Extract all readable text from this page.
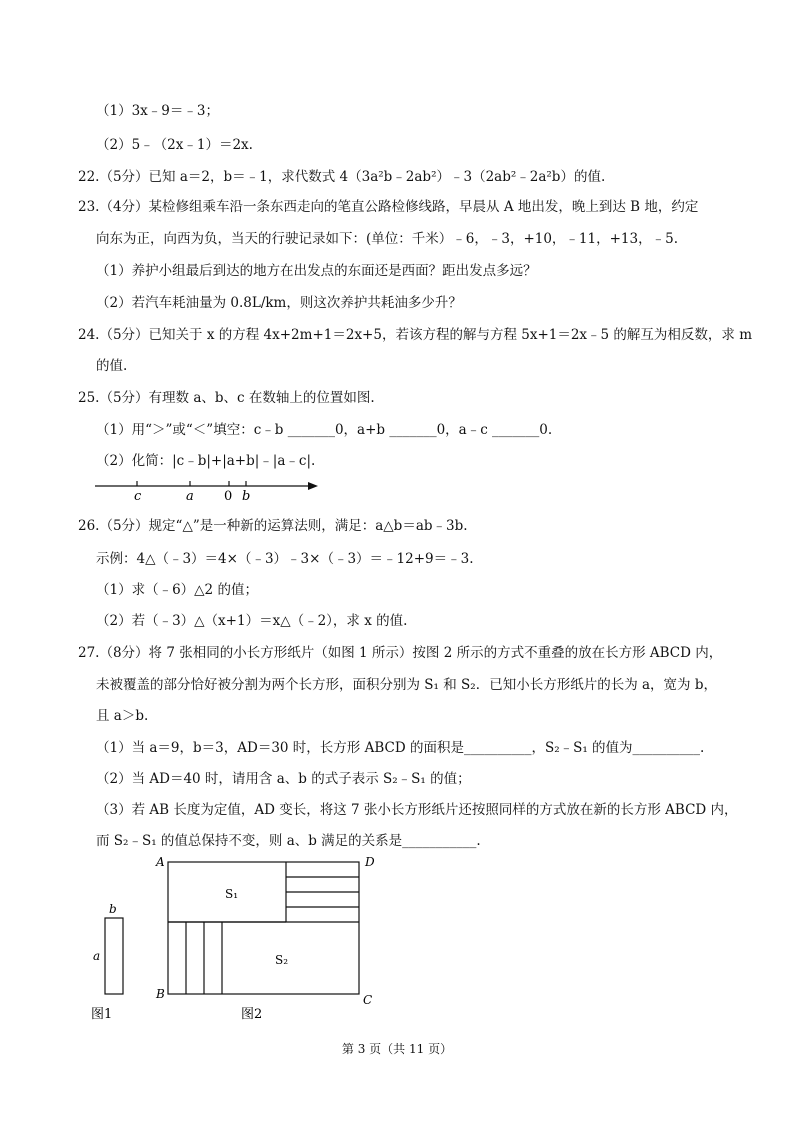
（1）3x﹣9＝﹣3；
（2）5﹣（2x﹣1）＝2x.
22.（5分）已知 a＝2，b＝﹣1，求代数式 4（3a²b﹣2ab²）﹣3（2ab²﹣2a²b）的值.
23.（4分）某检修组乘车沿一条东西走向的笔直公路检修线路，早晨从 A 地出发，晚上到达 B 地，约定
向东为正，向西为负，当天的行驶记录如下：(单位：千米）﹣6，﹣3，+10，﹣11，+13，﹣5.
（1）养护小组最后到达的地方在出发点的东面还是西面？距出发点多远？
（2）若汽车耗油量为 0.8L/km，则这次养护共耗油多少升？
24.（5分）已知关于 x 的方程 4x+2m+1＝2x+5，若该方程的解与方程 5x+1＝2x﹣5 的解互为相反数，求 m
的值.
25.（5分）有理数 a、b、c 在数轴上的位置如图.
（1）用“＞”或“＜”填空：c﹣b _______0，a+b _______0，a﹣c _______0.
（2）化简：|c﹣b|+|a+b|﹣|a﹣c|.
c	a 0 b
26.（5分）规定“△”是一种新的运算法则，满足：a△b＝ab﹣3b.
示例：4△（﹣3）＝4×（﹣3）﹣3×（﹣3）＝﹣12+9＝﹣3.
（1）求（﹣6）△2 的值；
（2）若（﹣3）△（x+1）＝x△（﹣2），求 x 的值.
27.（8分）将 7 张相同的小长方形纸片（如图 1 所示）按图 2 所示的方式不重叠的放在长方形 ABCD 内，
未被覆盖的部分恰好被分割为两个长方形，面积分别为 S₁ 和 S₂．已知小长方形纸片的长为 a，宽为 b，
且 a＞b.
（1）当 a＝9，b＝3，AD＝30 时，长方形 ABCD 的面积是__________，S₂﹣S₁ 的值为__________.
（2）当 AD＝40 时，请用含 a、b 的式子表示 S₂﹣S₁ 的值；
（3）若 AB 长度为定值，AD 变长，将这 7 张小长方形纸片还按照同样的方式放在新的长方形 ABCD 内，
而 S₂﹣S₁ 的值总保持不变，则 a、b 满足的关系是___________.
b
a
图1
A	D
B	C
S₁
S₂
图2
第 3 页（共 11 页）
